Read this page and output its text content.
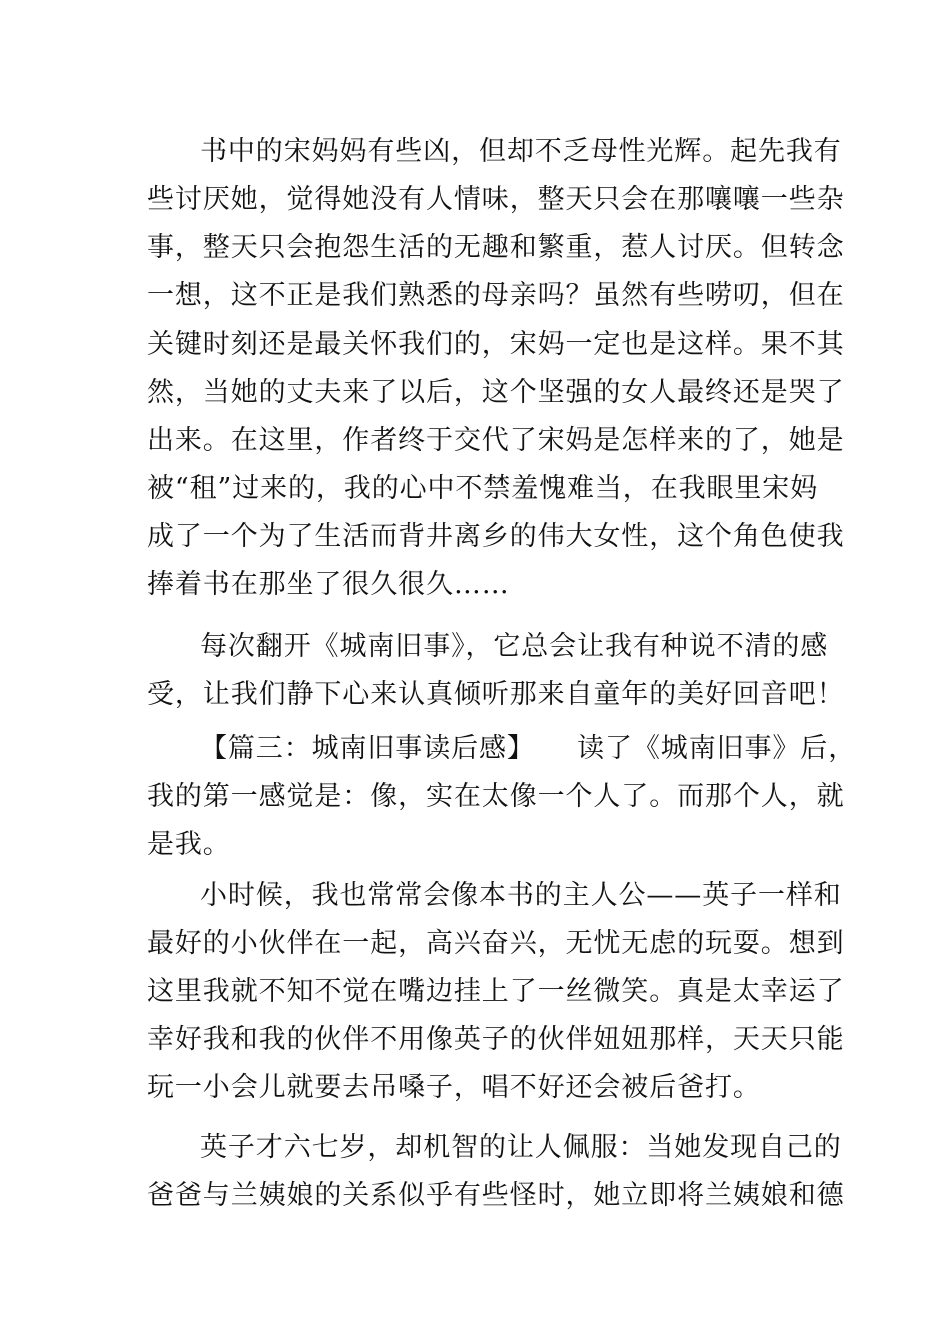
书中的宋妈妈有些凶，但却不乏母性光辉。起先我有
些讨厌她，觉得她没有人情味，整天只会在那嚷嚷一些杂
事，整天只会抱怨生活的无趣和繁重，惹人讨厌。但转念
一想，这不正是我们熟悉的母亲吗？虽然有些唠叨，但在
关键时刻还是最关怀我们的，宋妈一定也是这样。果不其
然，当她的丈夫来了以后，这个坚强的女人最终还是哭了
出来。在这里，作者终于交代了宋妈是怎样来的了，她是
被“租”过来的，我的心中不禁羞愧难当，在我眼里宋妈
成了一个为了生活而背井离乡的伟大女性，这个角色使我
捧着书在那坐了很久很久……
每次翻开《城南旧事》，它总会让我有种说不清的感
受，让我们静下心来认真倾听那来自童年的美好回音吧！
【篇三：城南旧事读后感】　　读了《城南旧事》后，
我的第一感觉是：像，实在太像一个人了。而那个人，就
是我。
小时候，我也常常会像本书的主人公——英子一样和
最好的小伙伴在一起，高兴奋兴，无忧无虑的玩耍。想到
这里我就不知不觉在嘴边挂上了一丝微笑。真是太幸运了
幸好我和我的伙伴不用像英子的伙伴妞妞那样，天天只能
玩一小会儿就要去吊嗓子，唱不好还会被后爸打。
英子才六七岁，却机智的让人佩服：当她发现自己的
爸爸与兰姨娘的关系似乎有些怪时，她立即将兰姨娘和德
